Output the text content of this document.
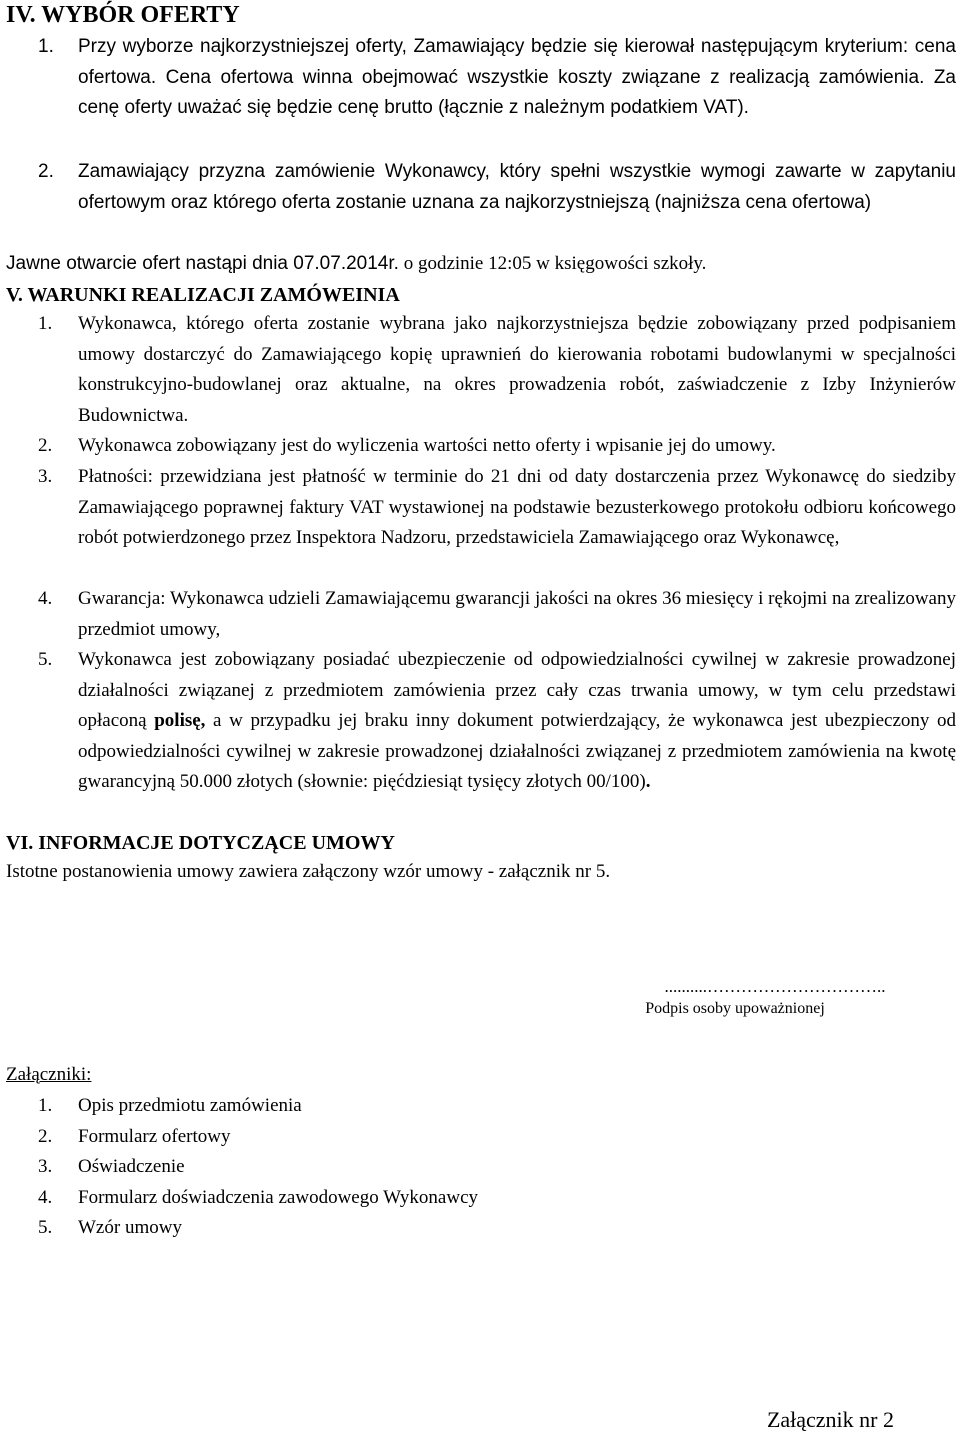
IV. WYBÓR OFERTY
1.	Przy wyborze najkorzystniejszej oferty, Zamawiający będzie się kierował następującym kryterium: cena ofertowa. Cena ofertowa winna obejmować wszystkie koszty związane z realizacją zamówienia. Za cenę oferty uważać się będzie cenę brutto (łącznie z należnym podatkiem VAT).
2.	Zamawiający przyzna zamówienie Wykonawcy, który spełni wszystkie wymogi zawarte w zapytaniu ofertowym oraz którego oferta zostanie uznana za najkorzystniejszą (najniższa cena ofertowa)

Jawne otwarcie ofert nastąpi dnia 07.07.2014r. o godzinie 12:05 w księgowości szkoły.

V. WARUNKI REALIZACJI ZAMÓWEINIA
1.	Wykonawca, którego oferta zostanie wybrana jako najkorzystniejsza będzie zobowiązany przed podpisaniem umowy dostarczyć do Zamawiającego kopię uprawnień do kierowania robotami budowlanymi w specjalności konstrukcyjno-budowlanej oraz aktualne, na okres prowadzenia robót, zaświadczenie z Izby Inżynierów Budownictwa.
2.	Wykonawca zobowiązany jest do wyliczenia wartości netto oferty i wpisanie jej do umowy.
3.	Płatności: przewidziana jest płatność w terminie do 21 dni od daty dostarczenia przez Wykonawcę do siedziby Zamawiającego poprawnej faktury VAT wystawionej na podstawie bezusterkowego protokołu odbioru końcowego robót potwierdzonego przez Inspektora Nadzoru, przedstawiciela Zamawiającego oraz Wykonawcę,
4.	Gwarancja: Wykonawca udzieli Zamawiającemu gwarancji jakości na okres 36 miesięcy i rękojmi na zrealizowany przedmiot umowy,
5.	Wykonawca jest zobowiązany posiadać ubezpieczenie od odpowiedzialności cywilnej w zakresie prowadzonej działalności związanej z przedmiotem zamówienia przez cały czas trwania umowy, w tym celu przedstawi opłaconą polisę, a w przypadku jej braku inny dokument potwierdzający, że wykonawca jest ubezpieczony od odpowiedzialności cywilnej w zakresie prowadzonej działalności związanej z przedmiotem zamówienia na kwotę gwarancyjną 50.000 złotych (słownie: pięćdziesiąt tysięcy złotych 00/100).
VI. INFORMACJE DOTYCZĄCE UMOWY

Istotne postanowienia umowy zawiera załączony wzór umowy - załącznik nr 5.

..........…………………………..
Podpis osoby upoważnionej

Załączniki:

1. Opis przedmiotu zamówienia
2. Formularz ofertowy
3. Oświadczenie
4. Formularz doświadczenia zawodowego Wykonawcy
5. Wzór umowy

Załącznik nr 2
